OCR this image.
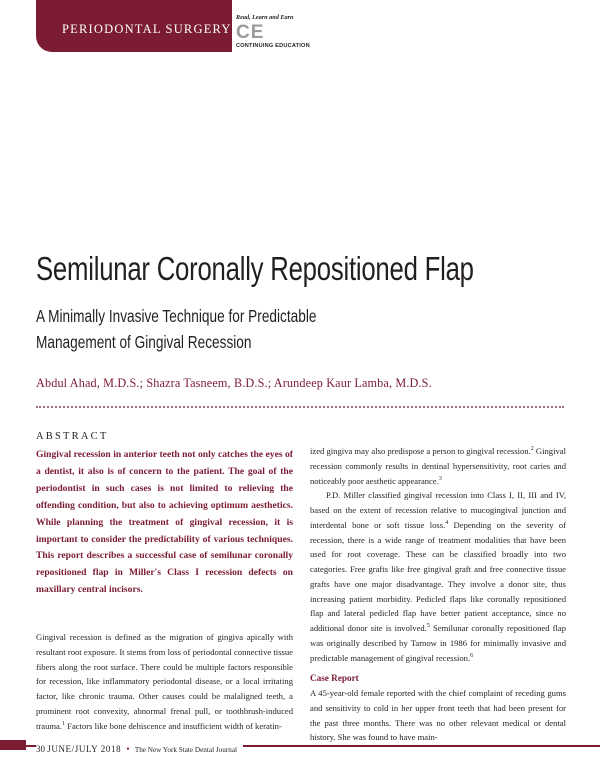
PERIODONTAL SURGERY
Read, Learn and Earn
CE
CONTINUING EDUCATION
Semilunar Coronally Repositioned Flap
A Minimally Invasive Technique for Predictable
Management of Gingival Recession
Abdul Ahad, M.D.S.; Shazra Tasneem, B.D.S.; Arundeep Kaur Lamba, M.D.S.
ABSTRACT
Gingival recession in anterior teeth not only catches the eyes of a dentist, it also is of concern to the patient. The goal of the periodontist in such cases is not limited to relieving the offending condition, but also to achieving optimum aesthetics. While planning the treatment of gingival recession, it is important to consider the predictability of various techniques. This report describes a successful case of semilunar coronally repositioned flap in Miller's Class I recession defects on maxillary central incisors.
Gingival recession is defined as the migration of gingiva apically with resultant root exposure. It stems from loss of periodontal connective tissue fibers along the root surface. There could be multiple factors responsible for recession, like inflammatory periodontal disease, or a local irritating factor, like chronic trauma. Other causes could be malaligned teeth, a prominent root convexity, abnormal frenal pull, or toothbrush-induced trauma.$^1$ Factors like bone dehiscence and insufficient width of keratin-

ized gingiva may also predispose a person to gingival recession.$^2$ Gingival recession commonly results in dentinal hypersensitivity, root caries and noticeably poor aesthetic appearance.$^3$

P.D. Miller classified gingival recession into Class I, II, III and IV, based on the extent of recession relative to mucogingival junction and interdental bone or soft tissue loss.$^4$ Depending on the severity of recession, there is a wide range of treatment modalities that have been used for root coverage. These can be classified broadly into two categories. Free grafts like free gingival graft and free connective tissue grafts have one major disadvantage. They involve a donor site, thus increasing patient morbidity. Pedicled flaps like coronally repositioned flap and lateral pedicled flap have better patient acceptance, since no additional donor site is involved.$^5$ Semilunar coronally repositioned flap was originally described by Tarnow in 1986 for minimally invasive and predictable management of gingival recession.$^6$

Case Report

A 45-year-old female reported with the chief complaint of receding gums and sensitivity to cold in her upper front teeth that had been present for the past three months. There was no other relevant medical or dental history. She was found to have main-

30 JUNE/JULY 2018 • The New York State Dental Journal
